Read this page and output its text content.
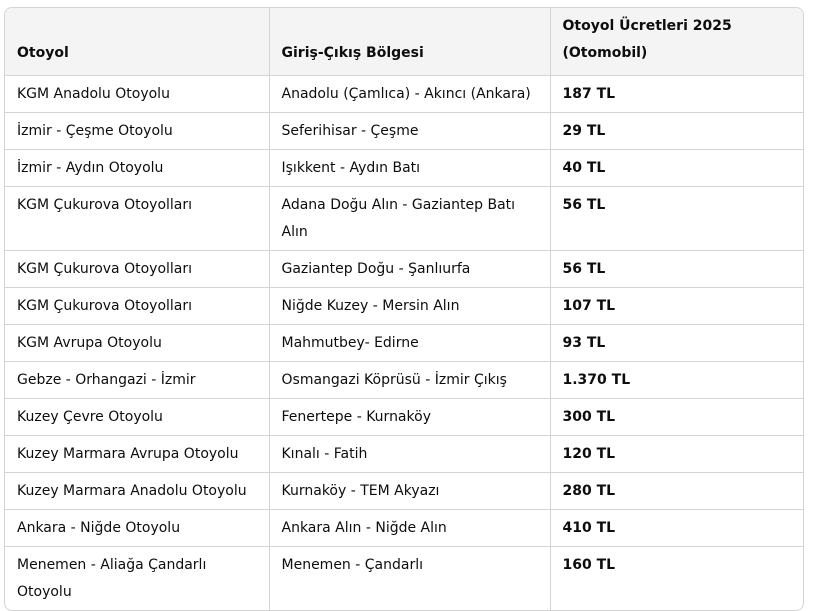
Otoyol	Giriş-Çıkış Bölgesi	Otoyol Ücretleri 2025 (Otomobil)
KGM Anadolu Otoyolu	Anadolu (Çamlıca) - Akıncı (Ankara)	187 TL
İzmir - Çeşme Otoyolu	Seferihisar - Çeşme	29 TL
İzmir - Aydın Otoyolu	Işıkkent - Aydın Batı	40 TL
KGM Çukurova Otoyolları	Adana Doğu Alın - Gaziantep Batı Alın	56 TL
KGM Çukurova Otoyolları	Gaziantep Doğu - Şanlıurfa	56 TL
KGM Çukurova Otoyolları	Niğde Kuzey - Mersin Alın	107 TL
KGM Avrupa Otoyolu	Mahmutbey- Edirne	93 TL
Gebze - Orhangazi - İzmir	Osmangazi Köprüsü - İzmir Çıkış	1.370 TL
Kuzey Çevre Otoyolu	Fenertepe - Kurnaköy	300 TL
Kuzey Marmara Avrupa Otoyolu	Kınalı - Fatih	120 TL
Kuzey Marmara Anadolu Otoyolu	Kurnaköy - TEM Akyazı	280 TL
Ankara - Niğde Otoyolu	Ankara Alın - Niğde Alın	410 TL
Menemen - Aliağa Çandarlı Otoyolu	Menemen - Çandarlı	160 TL
